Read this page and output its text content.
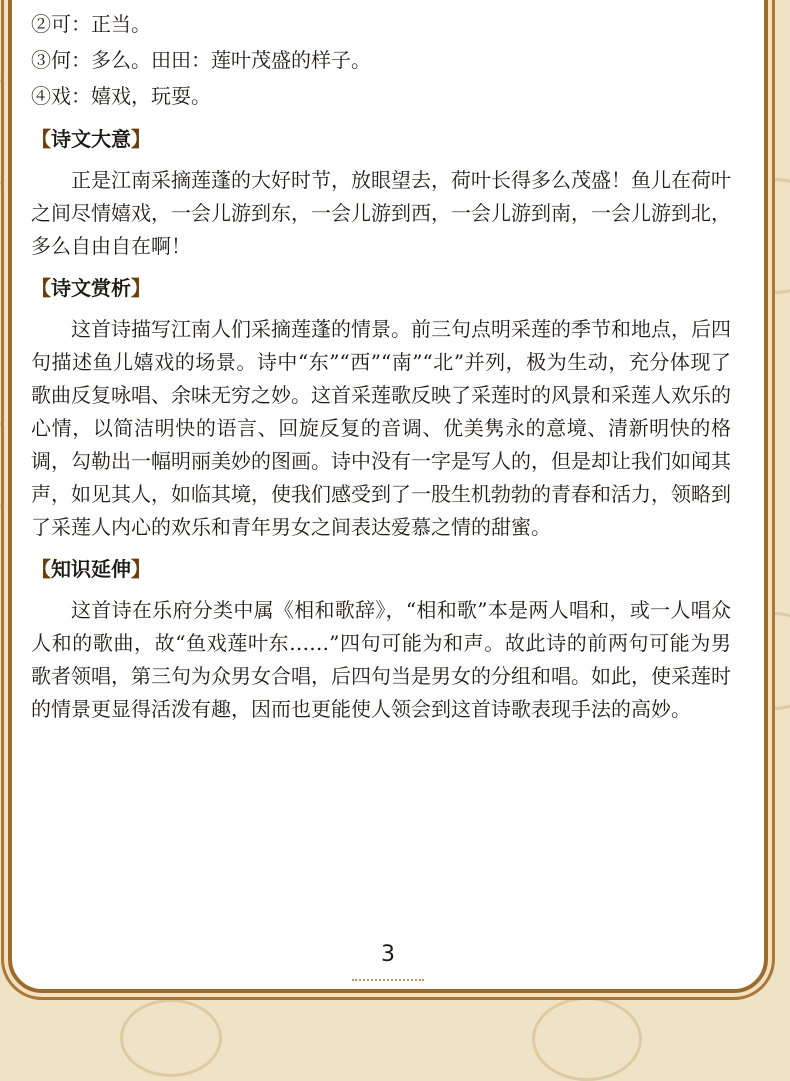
②可：正当。

③何：多么。田田：莲叶茂盛的样子。

④戏：嬉戏，玩耍。

【诗文大意】

正是江南采摘莲蓬的大好时节，放眼望去，荷叶长得多么茂盛！鱼儿在荷叶之间尽情嬉戏，一会儿游到东，一会儿游到西，一会儿游到南，一会儿游到北，多么自由自在啊！

【诗文赏析】

这首诗描写江南人们采摘莲蓬的情景。前三句点明采莲的季节和地点，后四句描述鱼儿嬉戏的场景。诗中“东”“西”“南”“北”并列，极为生动，充分体现了歌曲反复咏唱、余味无穷之妙。这首采莲歌反映了采莲时的风景和采莲人欢乐的心情，以简洁明快的语言、回旋反复的音调、优美隽永的意境、清新明快的格调，勾勒出一幅明丽美妙的图画。诗中没有一字是写人的，但是却让我们如闻其声，如见其人，如临其境，使我们感受到了一股生机勃勃的青春和活力，领略到了采莲人内心的欢乐和青年男女之间表达爱慕之情的甜蜜。

【知识延伸】

这首诗在乐府分类中属《相和歌辞》，“相和歌”本是两人唱和，或一人唱众人和的歌曲，故“鱼戏莲叶东……”四句可能为和声。故此诗的前两句可能为男歌者领唱，第三句为众男女合唱，后四句当是男女的分组和唱。如此，使采莲时的情景更显得活泼有趣，因而也更能使人领会到这首诗歌表现手法的高妙。

3
